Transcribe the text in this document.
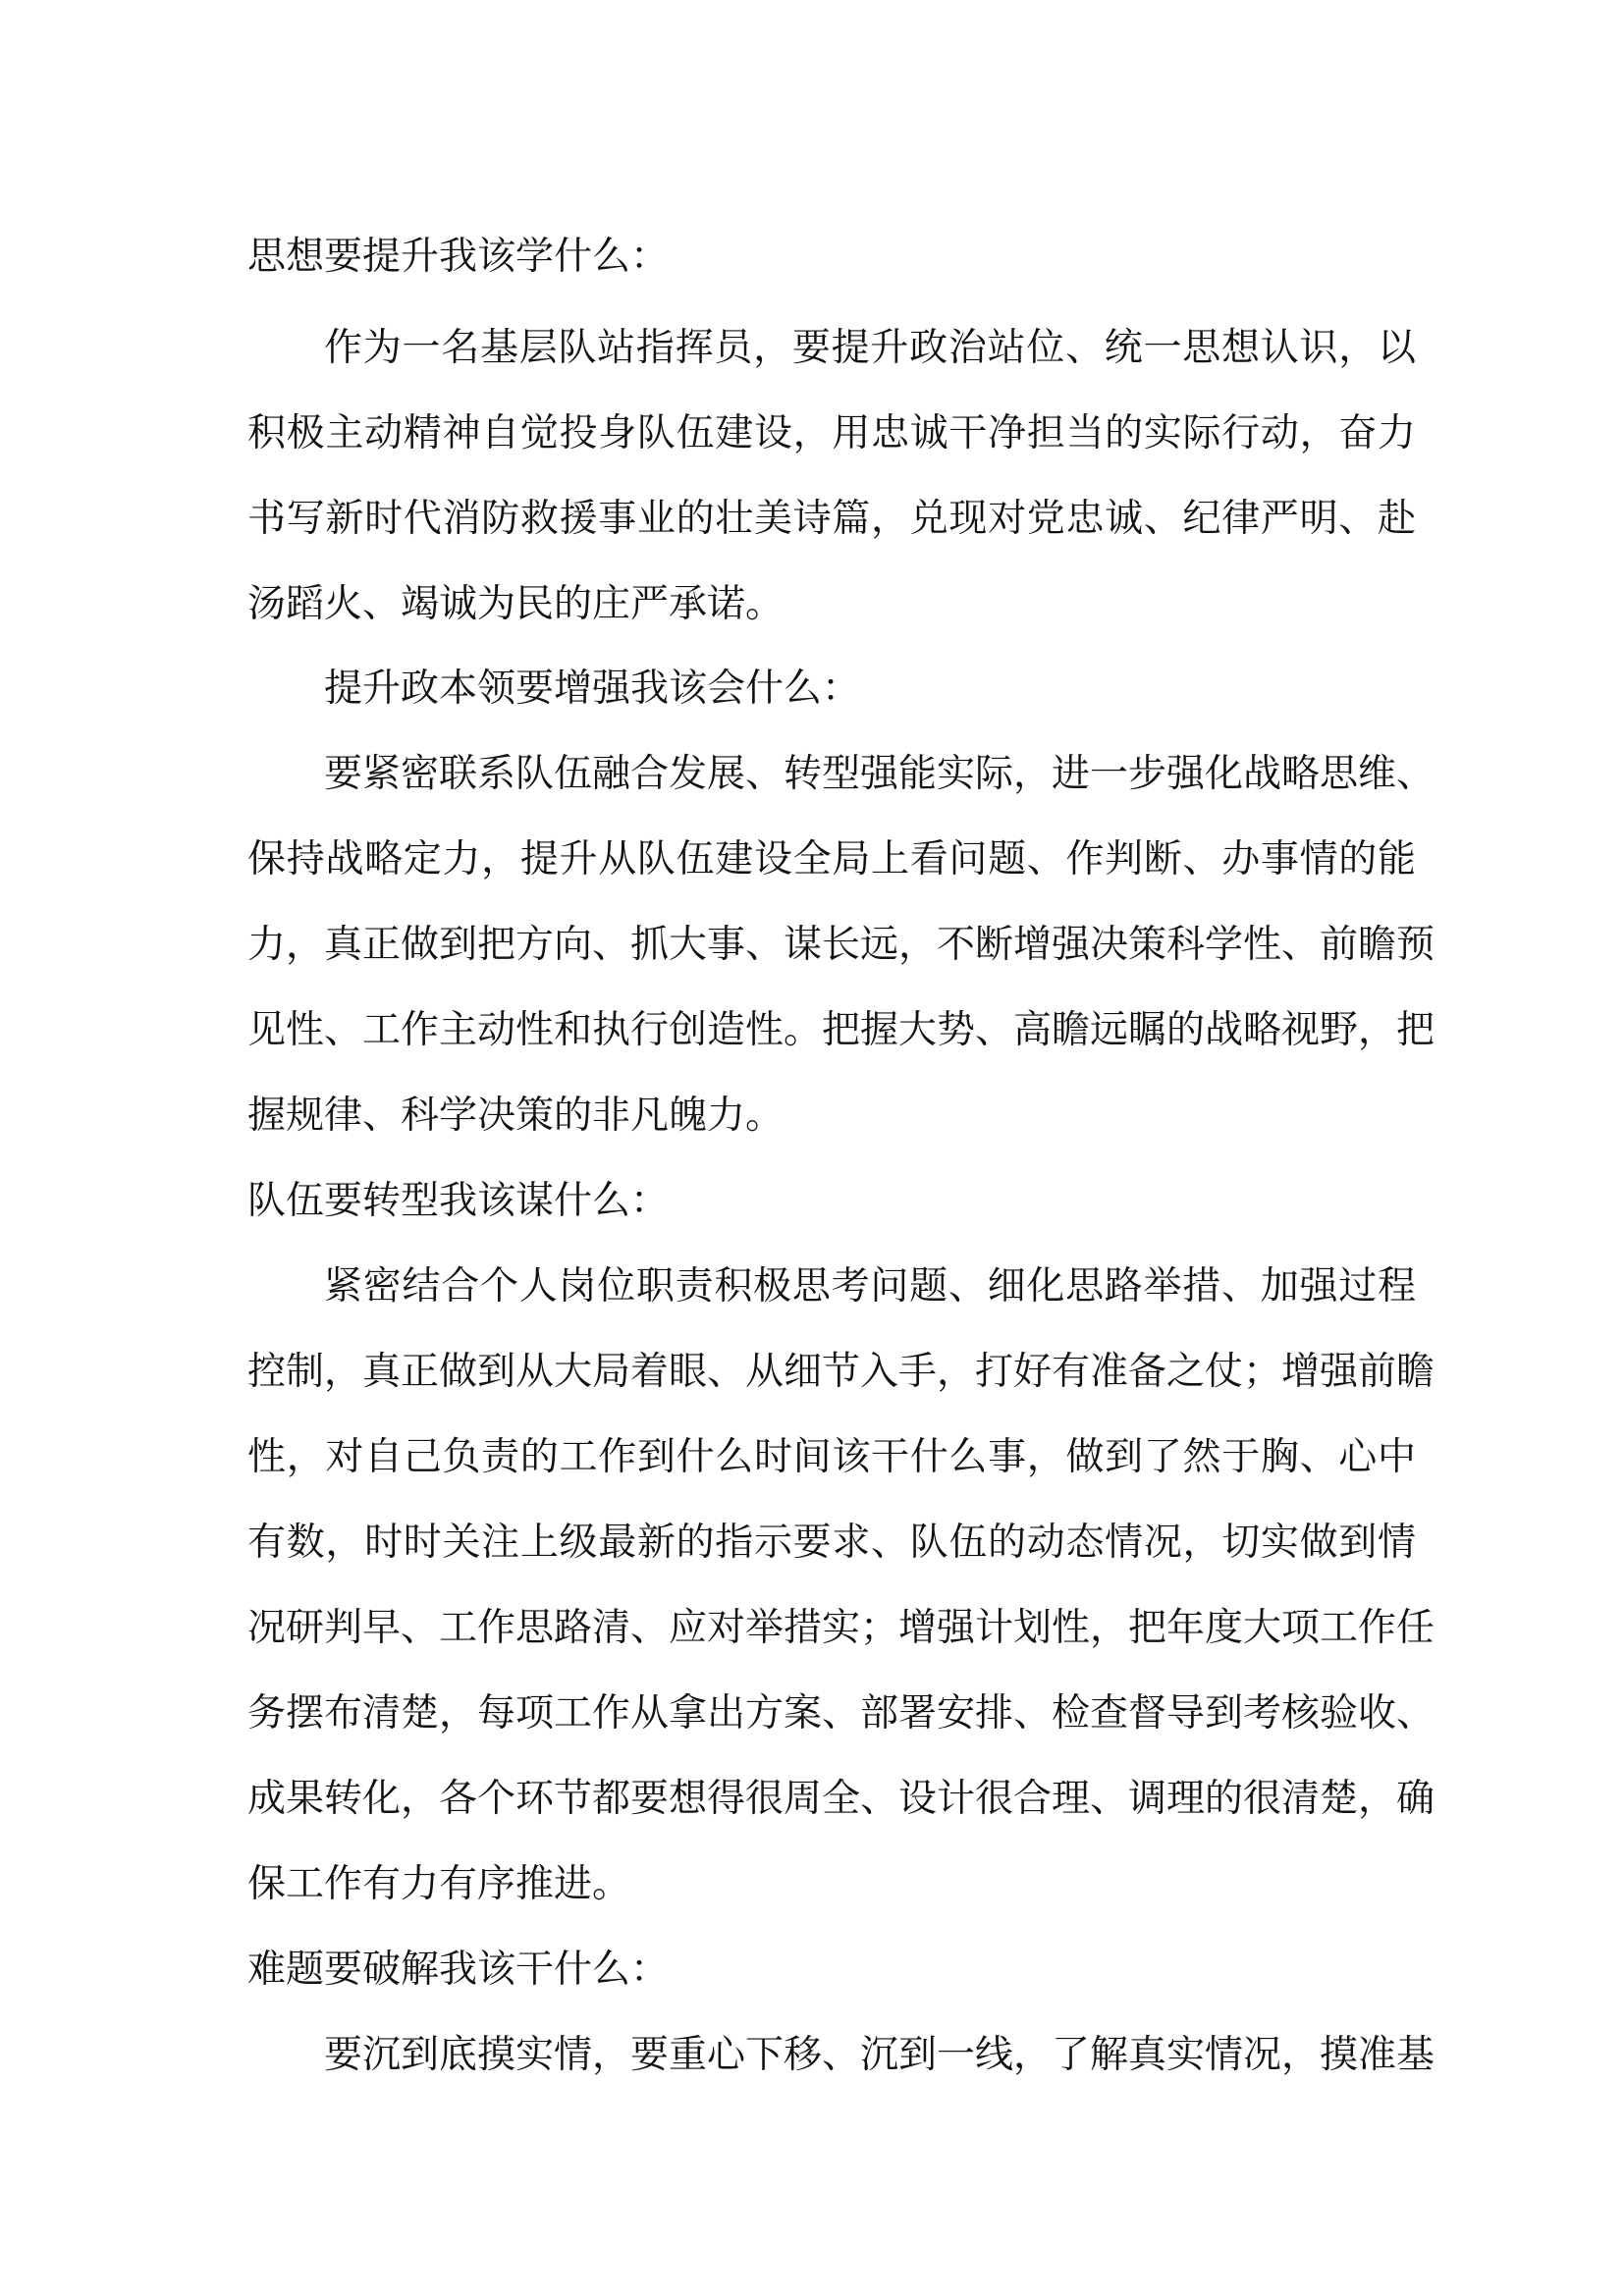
思想要提升我该学什么：
作为一名基层队站指挥员，要提升政治站位、统一思想认识，以
积极主动精神自觉投身队伍建设，用忠诚干净担当的实际行动，奋力
书写新时代消防救援事业的壮美诗篇，兑现对党忠诚、纪律严明、赴
汤蹈火、竭诚为民的庄严承诺。
提升政本领要增强我该会什么：
要紧密联系队伍融合发展、转型强能实际，进一步强化战略思维、
保持战略定力，提升从队伍建设全局上看问题、作判断、办事情的能
力，真正做到把方向、抓大事、谋长远，不断增强决策科学性、前瞻预
见性、工作主动性和执行创造性。把握大势、高瞻远瞩的战略视野，把
握规律、科学决策的非凡魄力。
队伍要转型我该谋什么：
紧密结合个人岗位职责积极思考问题、细化思路举措、加强过程
控制，真正做到从大局着眼、从细节入手，打好有准备之仗；增强前瞻
性，对自己负责的工作到什么时间该干什么事，做到了然于胸、心中
有数，时时关注上级最新的指示要求、队伍的动态情况，切实做到情
况研判早、工作思路清、应对举措实；增强计划性，把年度大项工作任
务摆布清楚，每项工作从拿出方案、部署安排、检查督导到考核验收、
成果转化，各个环节都要想得很周全、设计很合理、调理的很清楚，确
保工作有力有序推进。
难题要破解我该干什么：
要沉到底摸实情，要重心下移、沉到一线，了解真实情况，摸准基
